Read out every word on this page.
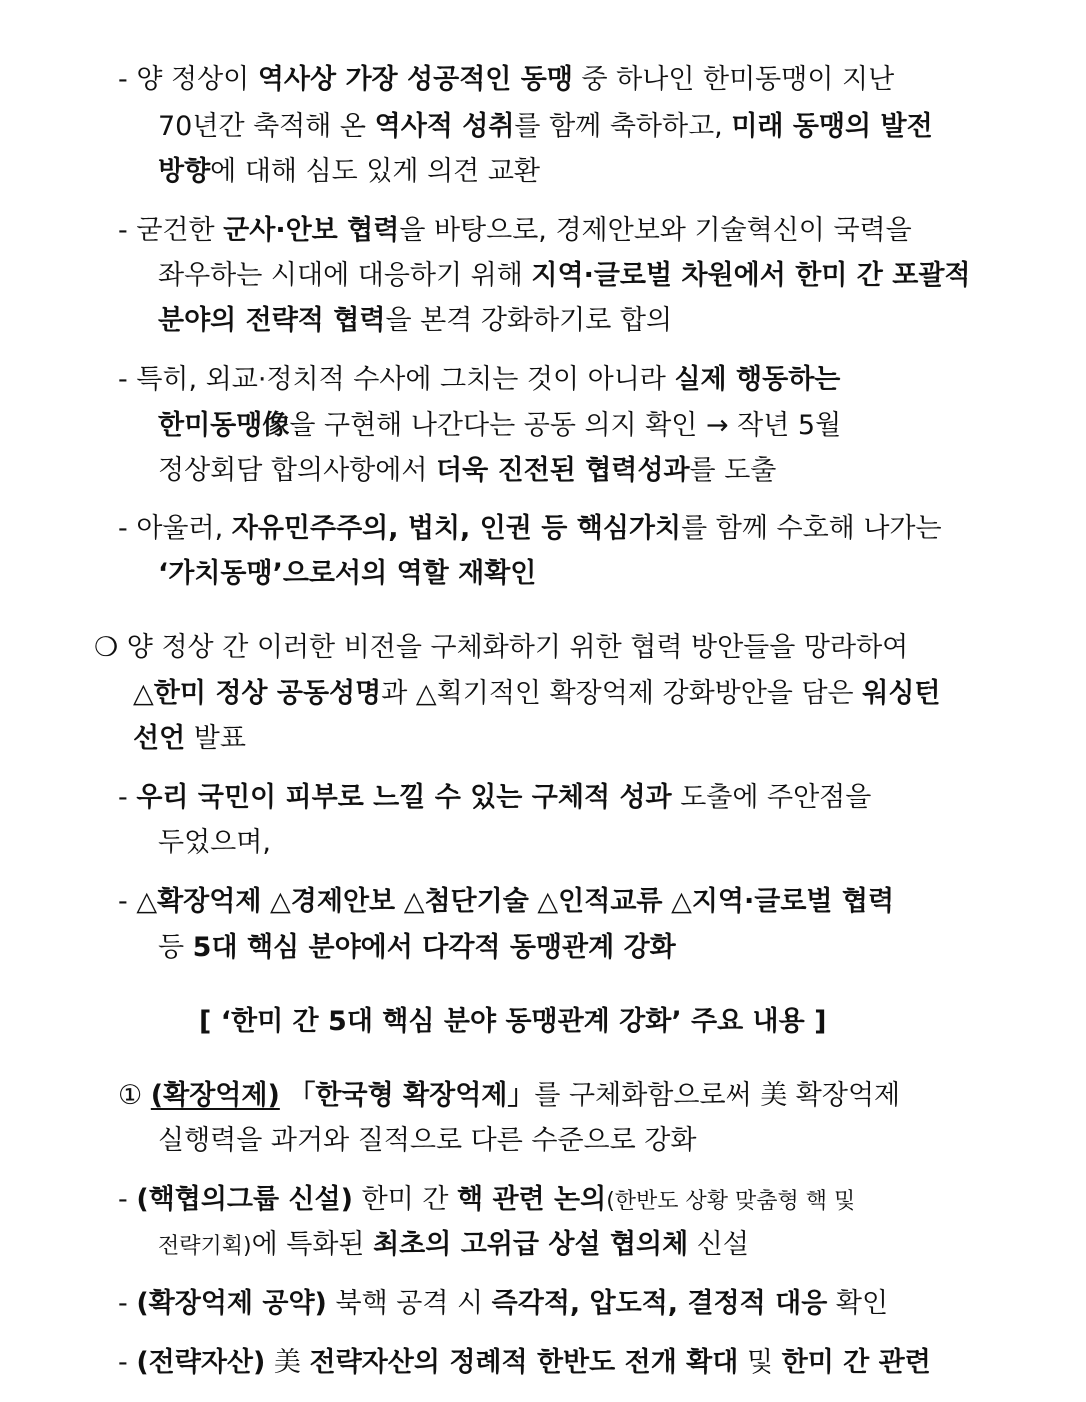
- 양 정상이 역사상 가장 성공적인 동맹 중 하나인 한미동맹이 지난
70년간 축적해 온 역사적 성취를 함께 축하하고, 미래 동맹의 발전
방향에 대해 심도 있게 의견 교환
- 굳건한 군사·안보 협력을 바탕으로, 경제안보와 기술혁신이 국력을
좌우하는 시대에 대응하기 위해 지역·글로벌 차원에서 한미 간 포괄적
분야의 전략적 협력을 본격 강화하기로 합의
- 특히, 외교·정치적 수사에 그치는 것이 아니라 실제 행동하는
한미동맹像을 구현해 나간다는 공동 의지 확인 → 작년 5월
정상회담 합의사항에서 더욱 진전된 협력성과를 도출
- 아울러, 자유민주주의, 법치, 인권 등 핵심가치를 함께 수호해 나가는
‘가치동맹’으로서의 역할 재확인
❍ 양 정상 간 이러한 비전을 구체화하기 위한 협력 방안들을 망라하여
△한미 정상 공동성명과 △획기적인 확장억제 강화방안을 담은 워싱턴
선언 발표
- 우리 국민이 피부로 느낄 수 있는 구체적 성과 도출에 주안점을
두었으며,
- △확장억제 △경제안보 △첨단기술 △인적교류 △지역·글로벌 협력
등 5대 핵심 분야에서 다각적 동맹관계 강화
[ ‘한미 간 5대 핵심 분야 동맹관계 강화’ 주요 내용 ]
① (확장억제) 「한국형 확장억제」를 구체화함으로써 美 확장억제
실행력을 과거와 질적으로 다른 수준으로 강화
- (핵협의그룹 신설) 한미 간 핵 관련 논의(한반도 상황 맞춤형 핵 및
전략기획)에 특화된 최초의 고위급 상설 협의체 신설
- (확장억제 공약) 북핵 공격 시 즉각적, 압도적, 결정적 대응 확인
- (전략자산) 美 전략자산의 정례적 한반도 전개 확대 및 한미 간 관련
